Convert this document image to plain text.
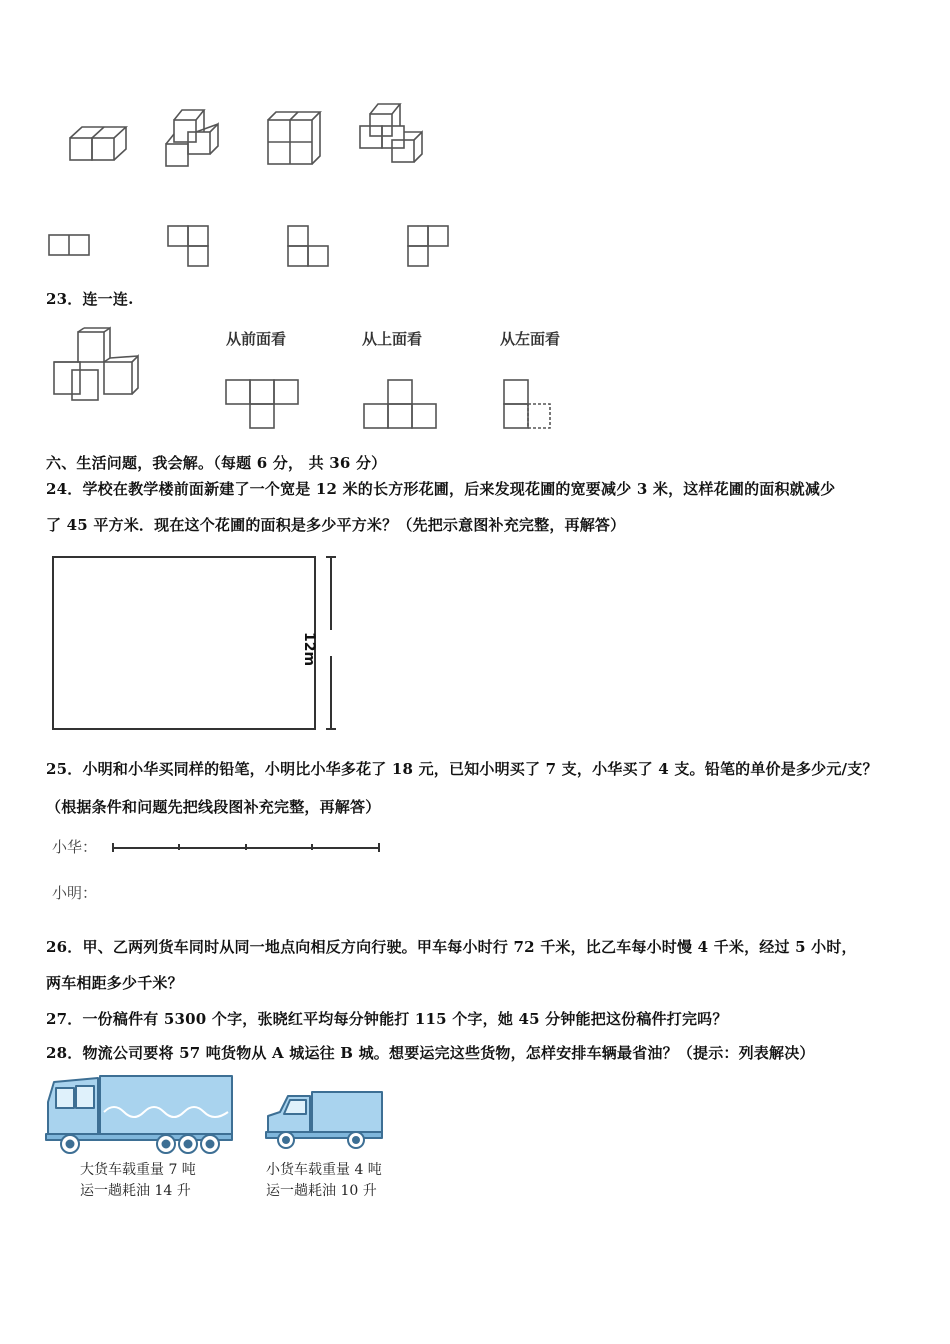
23．连一连.
从前面看	从上面看	从左面看
六、生活问题，我会解。（每题 6 分， 共 36 分）
24．学校在教学楼前面新建了一个宽是 12 米的长方形花圃，后来发现花圃的宽要减少 3 米，这样花圃的面积就减少
了 45 平方米．现在这个花圃的面积是多少平方米？（先把示意图补充完整，再解答）
12m
25．小明和小华买同样的铅笔，小明比小华多花了 18 元，已知小明买了 7 支，小华买了 4 支。铅笔的单价是多少元/支？
（根据条件和问题先把线段图补充完整，再解答）
小华：
小明：
26．甲、乙两列货车同时从同一地点向相反方向行驶。甲车每小时行 72 千米，比乙车每小时慢 4 千米，经过 5 小时，
两车相距多少千米？
27．一份稿件有 5300 个字，张晓红平均每分钟能打 115 个字，她 45 分钟能把这份稿件打完吗？
28．物流公司要将 57 吨货物从 A 城运往 B 城。想要运完这些货物，怎样安排车辆最省油？（提示：列表解决）
大货车载重量 7 吨
运一趟耗油 14 升
小货车载重量 4 吨
运一趟耗油 10 升
